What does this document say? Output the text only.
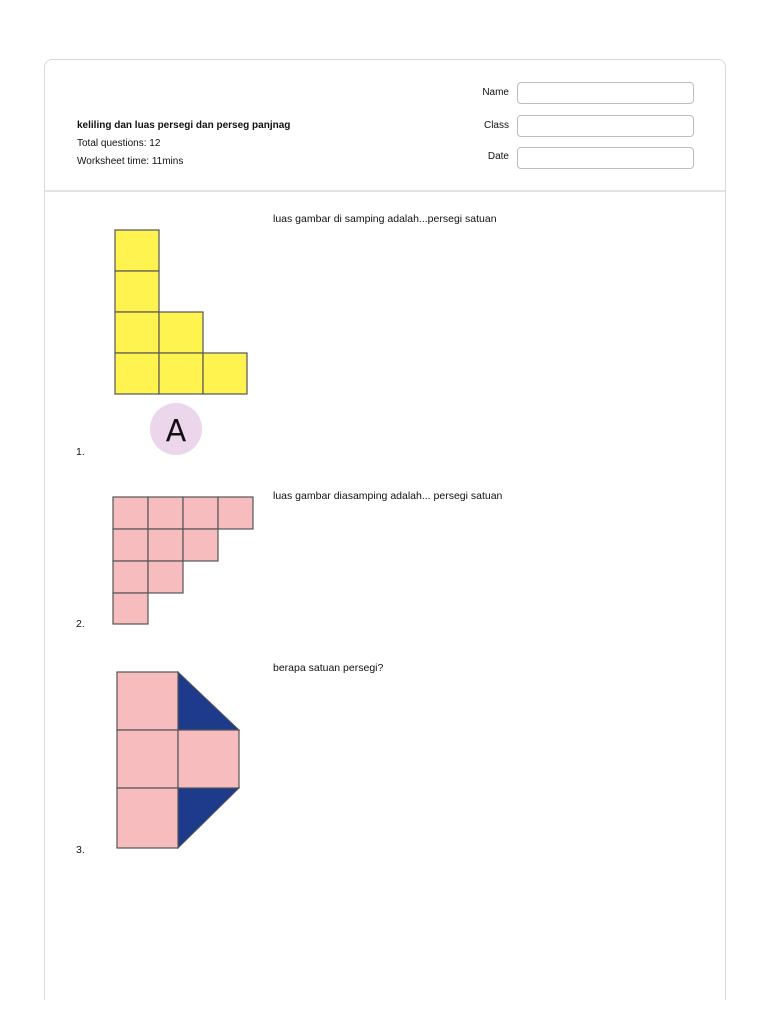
keliling dan luas persegi dan perseg panjnag
Total questions: 12
Worksheet time: 11mins
Name
Class
Date
luas gambar di samping adalah...persegi satuan
A
1.
luas gambar diasamping adalah... persegi satuan
2.
berapa satuan persegi?
3.
